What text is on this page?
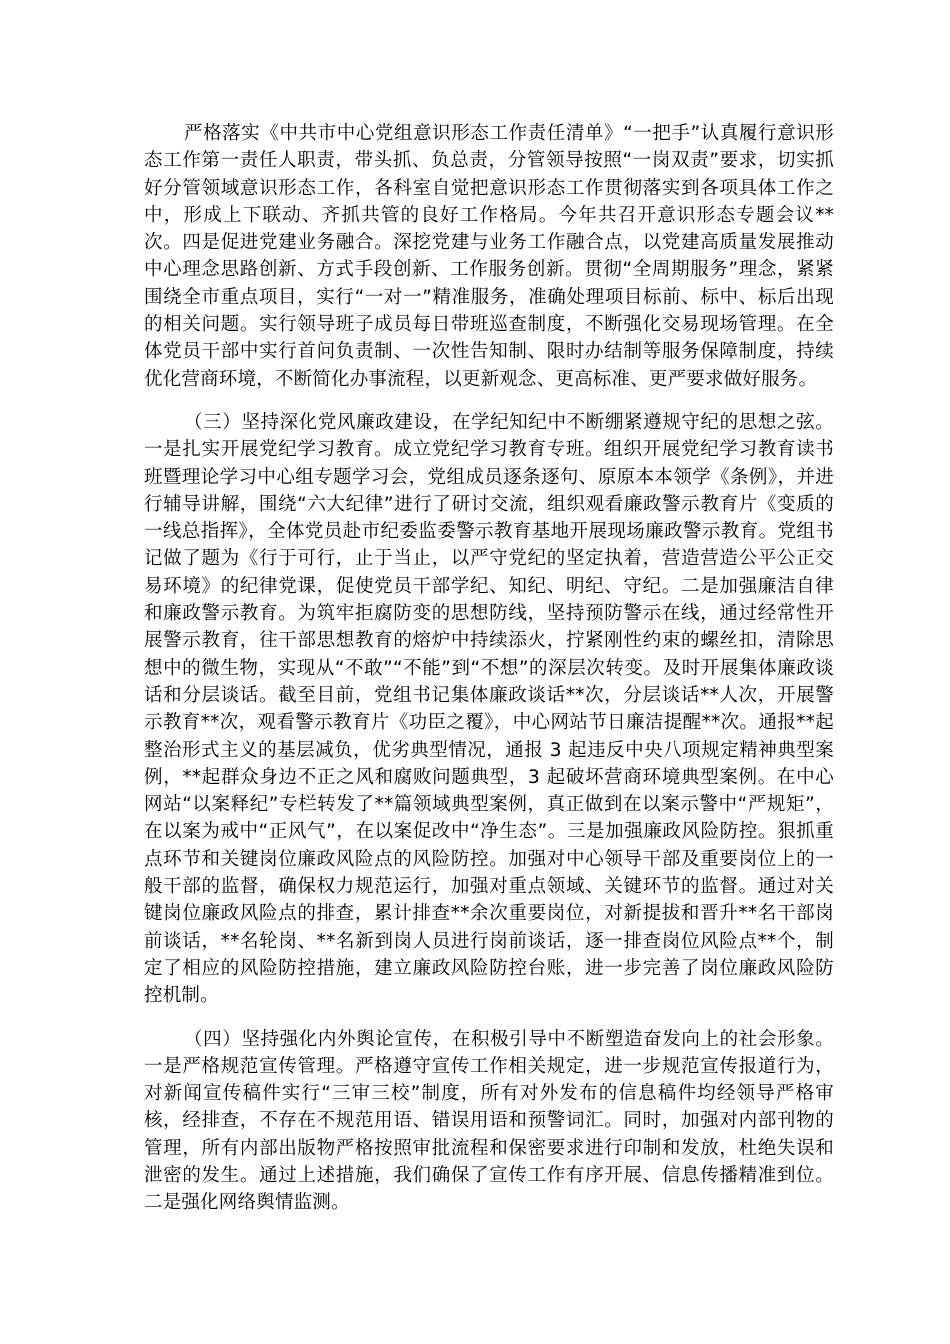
严格落实《中共市中心党组意识形态工作责任清单》“一把手”认真履行意识形态工作第一责任人职责，带头抓、负总责，分管领导按照“一岗双责”要求，切实抓好分管领域意识形态工作，各科室自觉把意识形态工作贯彻落实到各项具体工作之中，形成上下联动、齐抓共管的良好工作格局。今年共召开意识形态专题会议**次。四是促进党建业务融合。深挖党建与业务工作融合点，以党建高质量发展推动中心理念思路创新、方式手段创新、工作服务创新。贯彻“全周期服务”理念，紧紧围绕全市重点项目，实行“一对一”精准服务，准确处理项目标前、标中、标后出现的相关问题。实行领导班子成员每日带班巡查制度，不断强化交易现场管理。在全体党员干部中实行首问负责制、一次性告知制、限时办结制等服务保障制度，持续优化营商环境，不断简化办事流程，以更新观念、更高标准、更严要求做好服务。

（三）坚持深化党风廉政建设，在学纪知纪中不断绷紧遵规守纪的思想之弦。一是扎实开展党纪学习教育。成立党纪学习教育专班。组织开展党纪学习教育读书班暨理论学习中心组专题学习会，党组成员逐条逐句、原原本本领学《条例》，并进行辅导讲解，围绕“六大纪律”进行了研讨交流，组织观看廉政警示教育片《变质的一线总指挥》，全体党员赴市纪委监委警示教育基地开展现场廉政警示教育。党组书记做了题为《行于可行，止于当止，以严守党纪的坚定执着，营造营造公平公正交易环境》的纪律党课，促使党员干部学纪、知纪、明纪、守纪。二是加强廉洁自律和廉政警示教育。为筑牢拒腐防变的思想防线，坚持预防警示在线，通过经常性开展警示教育，往干部思想教育的熔炉中持续添火，拧紧刚性约束的螺丝扣，清除思想中的微生物，实现从“不敢”“不能”到“不想”的深层次转变。及时开展集体廉政谈话和分层谈话。截至目前，党组书记集体廉政谈话**次，分层谈话**人次，开展警示教育**次，观看警示教育片《功臣之覆》，中心网站节日廉洁提醒**次。通报**起整治形式主义的基层减负，优劣典型情况，通报 3 起违反中央八项规定精神典型案例，**起群众身边不正之风和腐败问题典型，3 起破坏营商环境典型案例。在中心网站“以案释纪”专栏转发了**篇领域典型案例，真正做到在以案示警中“严规矩”，在以案为戒中“正风气”，在以案促改中“净生态”。三是加强廉政风险防控。狠抓重点环节和关键岗位廉政风险点的风险防控。加强对中心领导干部及重要岗位上的一般干部的监督，确保权力规范运行，加强对重点领域、关键环节的监督。通过对关键岗位廉政风险点的排查，累计排查**余次重要岗位，对新提拔和晋升**名干部岗前谈话，**名轮岗、**名新到岗人员进行岗前谈话，逐一排查岗位风险点**个，制定了相应的风险防控措施，建立廉政风险防控台账，进一步完善了岗位廉政风险防控机制。

（四）坚持强化内外舆论宣传，在积极引导中不断塑造奋发向上的社会形象。一是严格规范宣传管理。严格遵守宣传工作相关规定，进一步规范宣传报道行为，对新闻宣传稿件实行“三审三校”制度，所有对外发布的信息稿件均经领导严格审核，经排查，不存在不规范用语、错误用语和预警词汇。同时，加强对内部刊物的管理，所有内部出版物严格按照审批流程和保密要求进行印制和发放，杜绝失误和泄密的发生。通过上述措施，我们确保了宣传工作有序开展、信息传播精准到位。二是强化网络舆情监测。
